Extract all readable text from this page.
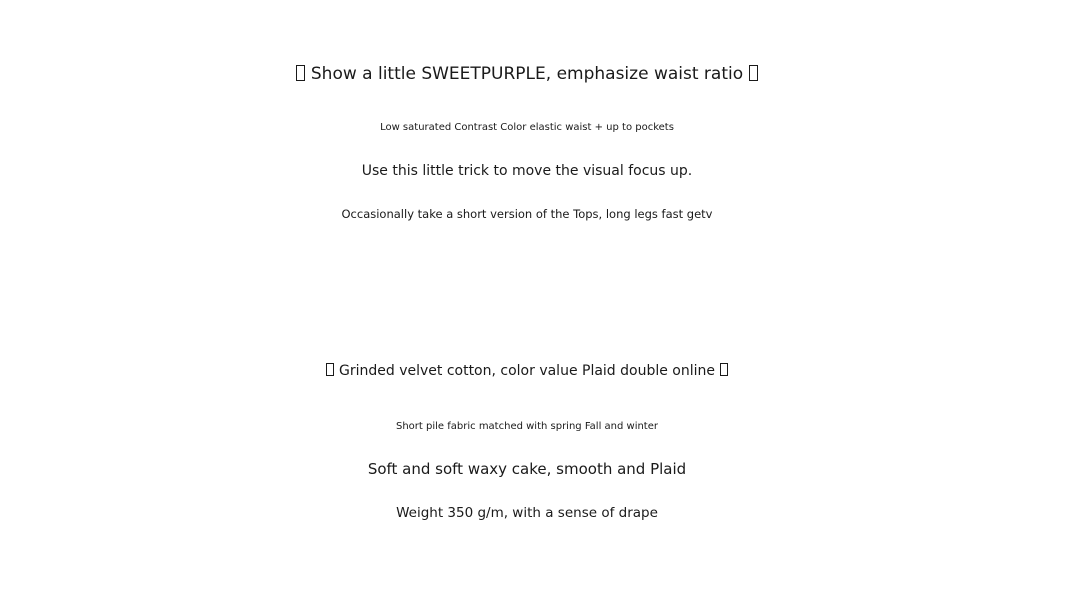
Show a little SWEETPURPLE, emphasize waist ratio
Low saturated Contrast Color elastic waist + up to pockets
Use this little trick to move the visual focus up.
Occasionally take a short version of the Tops, long legs fast getv
Grinded velvet cotton, color value Plaid double online
Short pile fabric matched with spring Fall and winter
Soft and soft waxy cake, smooth and Plaid
Weight 350 g/m, with a sense of drape
